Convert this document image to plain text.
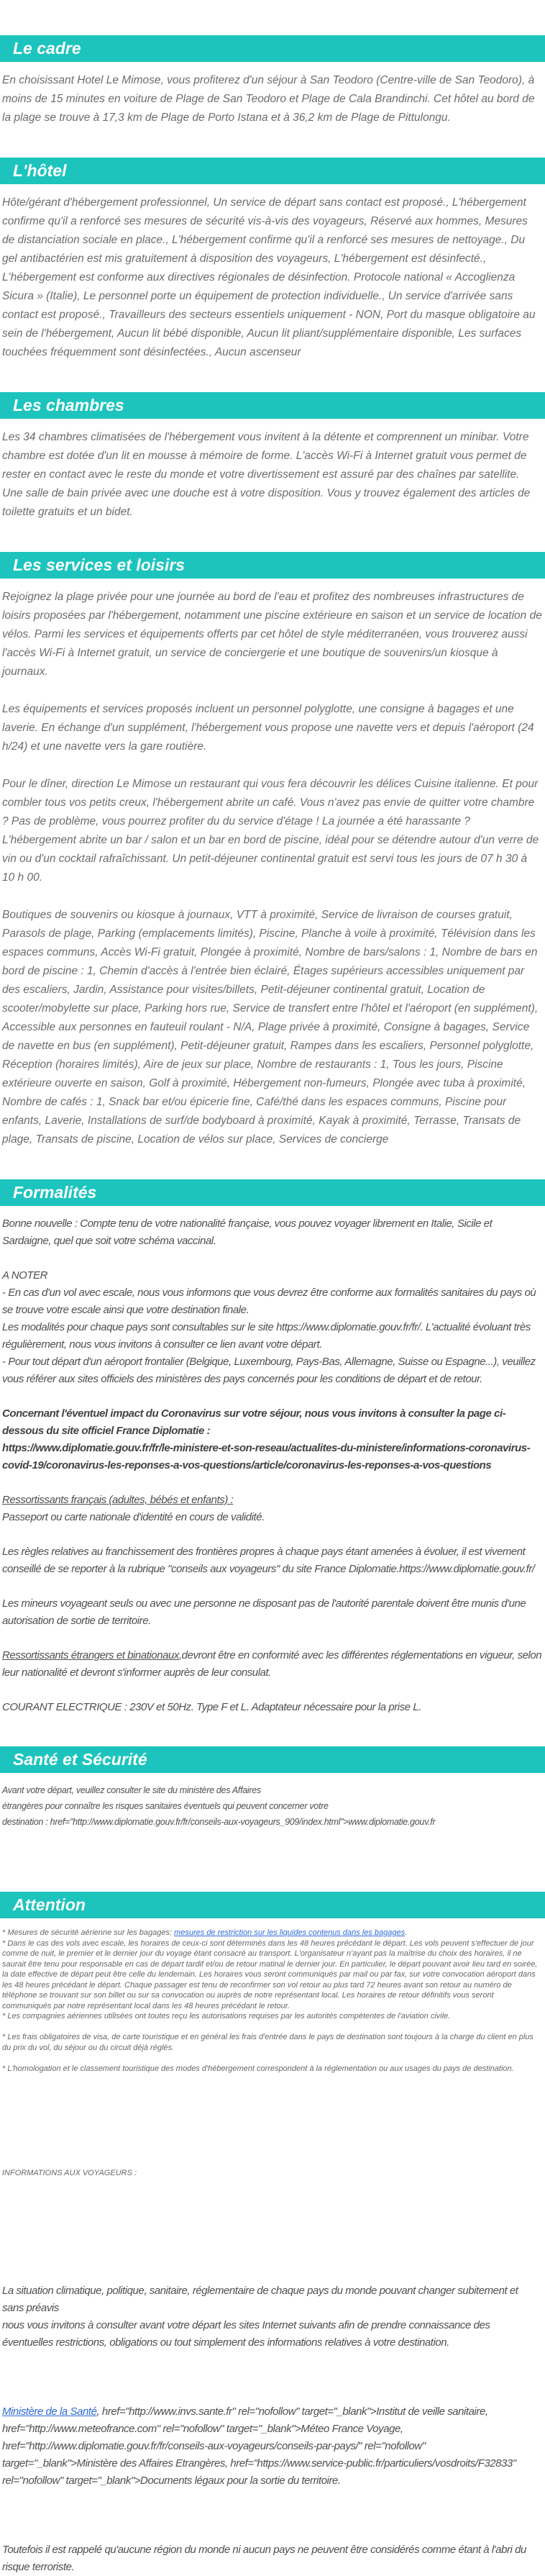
Le cadre

En choisissant Hotel Le Mimose, vous profiterez d'un séjour à San Teodoro (Centre-ville de San Teodoro), à moins de 15 minutes en voiture de Plage de San Teodoro et Plage de Cala Brandinchi. Cet hôtel au bord de la plage se trouve à 17,3 km de Plage de Porto Istana et à 36,2 km de Plage de Pittulongu.

L'hôtel

Hôte/gérant d'hébergement professionnel, Un service de départ sans contact est proposé., L'hébergement confirme qu'il a renforcé ses mesures de sécurité vis-à-vis des voyageurs, Réservé aux hommes, Mesures de distanciation sociale en place., L'hébergement confirme qu'il a renforcé ses mesures de nettoyage., Du gel antibactérien est mis gratuitement à disposition des voyageurs, L'hébergement est désinfecté., L'hébergement est conforme aux directives régionales de désinfection. Protocole national « Accoglienza Sicura » (Italie), Le personnel porte un équipement de protection individuelle., Un service d'arrivée sans contact est proposé., Travailleurs des secteurs essentiels uniquement - NON, Port du masque obligatoire au sein de l'hébergement, Aucun lit bébé disponible, Aucun lit pliant/supplémentaire disponible, Les surfaces touchées fréquemment sont désinfectées., Aucun ascenseur

Les chambres

Les 34 chambres climatisées de l'hébergement vous invitent à la détente et comprennent un minibar. Votre chambre est dotée d'un lit en mousse à mémoire de forme. L'accès Wi-Fi à Internet gratuit vous permet de rester en contact avec le reste du monde et votre divertissement est assuré par des chaînes par satellite. Une salle de bain privée avec une douche est à votre disposition. Vous y trouvez également des articles de toilette gratuits et un bidet.

Les services et loisirs

Rejoignez la plage privée pour une journée au bord de l'eau et profitez des nombreuses infrastructures de loisirs proposées par l'hébergement, notamment une piscine extérieure en saison et un service de location de vélos. Parmi les services et équipements offerts par cet hôtel de style méditerranéen, vous trouverez aussi l'accès Wi-Fi à Internet gratuit, un service de conciergerie et une boutique de souvenirs/un kiosque à journaux.

Les équipements et services proposés incluent un personnel polyglotte, une consigne à bagages et une laverie. En échange d'un supplément, l'hébergement vous propose une navette vers et depuis l'aéroport (24 h/24) et une navette vers la gare routière.

Pour le dîner, direction Le Mimose un restaurant qui vous fera découvrir les délices Cuisine italienne. Et pour combler tous vos petits creux, l'hébergement abrite un café. Vous n'avez pas envie de quitter votre chambre ? Pas de problème, vous pourrez profiter du du service d'étage ! La journée a été harassante ? L'hébergement abrite un bar / salon et un bar en bord de piscine, idéal pour se détendre autour d'un verre de vin ou d'un cocktail rafraîchissant. Un petit-déjeuner continental gratuit est servi tous les jours de 07 h 30 à 10 h 00.

Boutiques de souvenirs ou kiosque à journaux, VTT à proximité, Service de livraison de courses gratuit, Parasols de plage, Parking (emplacements limités), Piscine, Planche à voile à proximité, Télévision dans les espaces communs, Accès Wi-Fi gratuit, Plongée à proximité, Nombre de bars/salons : 1, Nombre de bars en bord de piscine : 1, Chemin d'accès à l'entrée bien éclairé, Étages supérieurs accessibles uniquement par des escaliers, Jardin, Assistance pour visites/billets, Petit-déjeuner continental gratuit, Location de scooter/mobylette sur place, Parking hors rue, Service de transfert entre l'hôtel et l'aéroport (en supplément), Accessible aux personnes en fauteuil roulant - N/A, Plage privée à proximité, Consigne à bagages, Service de navette en bus (en supplément), Petit-déjeuner gratuit, Rampes dans les escaliers, Personnel polyglotte, Réception (horaires limités), Aire de jeux sur place, Nombre de restaurants : 1, Tous les jours, Piscine extérieure ouverte en saison, Golf à proximité, Hébergement non-fumeurs, Plongée avec tuba à proximité, Nombre de cafés : 1, Snack bar et/ou épicerie fine, Café/thé dans les espaces communs, Piscine pour enfants, Laverie, Installations de surf/de bodyboard à proximité, Kayak à proximité, Terrasse, Transats de plage, Transats de piscine, Location de vélos sur place, Services de concierge

Formalités

Bonne nouvelle : Compte tenu de votre nationalité française, vous pouvez voyager librement en Italie, Sicile et Sardaigne, quel que soit votre schéma vaccinal.

A NOTER

- En cas d'un vol avec escale, nous vous informons que vous devrez être conforme aux formalités sanitaires du pays où se trouve votre escale ainsi que votre destination finale.

Les modalités pour chaque pays sont consultables sur le site https://www.diplomatie.gouv.fr/fr/. L'actualité évoluant très régulièrement, nous vous invitons à consulter ce lien avant votre départ.

- Pour tout départ d'un aéroport frontalier (Belgique, Luxembourg, Pays-Bas, Allemagne, Suisse ou Espagne...), veuillez vous référer aux sites officiels des ministères des pays concernés pour les conditions de départ et de retour.

Concernant l'éventuel impact du Coronavirus sur votre séjour, nous vous invitons à consulter la page ci-dessous du site officiel France Diplomatie :
https://www.diplomatie.gouv.fr/fr/le-ministere-et-son-reseau/actualites-du-ministere/informations-coronavirus-covid-19/coronavirus-les-reponses-a-vos-questions/article/coronavirus-les-reponses-a-vos-questions

Ressortissants français (adultes, bébés et enfants) :
Passeport ou carte nationale d'identité en cours de validité.

Les règles relatives au franchissement des frontières propres à chaque pays étant amenées à évoluer, il est vivement conseillé de se reporter à la rubrique "conseils aux voyageurs" du site France Diplomatie.https://www.diplomatie.gouv.fr/

Les mineurs voyageant seuls ou avec une personne ne disposant pas de l'autorité parentale doivent être munis d'une autorisation de sortie de territoire.

Ressortissants étrangers et binationaux,devront être en conformité avec les différentes réglementations en vigueur, selon leur nationalité et devront s'informer auprès de leur consulat.

COURANT ELECTRIQUE : 230V et 50Hz. Type F et L. Adaptateur nécessaire pour la prise L.

Santé et Sécurité

Avant votre départ, veuillez consulter le site du ministère des Affaires
étrangères pour connaître les risques sanitaires éventuels qui peuvent concerner votre
destination : href="http://www.diplomatie.gouv.fr/fr/conseils-aux-voyageurs_909/index.html">www.diplomatie.gouv.fr

Attention

* Mesures de sécurité aérienne sur les bagages: mesures de restriction sur les liquides contenus dans les bagages.

* Dans le cas des vols avec escale, les horaires de ceux-ci sont déterminés dans les 48 heures précédant le départ. Les vols peuvent s'effectuer de jour comme de nuit, le premier et le dernier jour du voyage étant consacré au transport. L'organisateur n'ayant pas la maîtrise du choix des horaires, il ne saurait être tenu pour responsable en cas de départ tardif et/ou de retour matinal le dernier jour. En particulier, le départ pouvant avoir lieu tard en soirée, la date effective de départ peut être celle du lendemain. Les horaires vous seront communiqués par mail ou par fax, sur votre convocation aéroport dans les 48 heures précédant le départ. Chaque passager est tenu de reconfirmer son vol retour au plus tard 72 heures avant son retour au numéro de téléphone se trouvant sur son billet ou sur sa convocation ou auprès de notre représentant local. Les horaires de retour définitifs vous seront communiqués par notre représentant local dans les 48 heures précédant le retour.

* Les compagnies aériennes utilisées ont toutes reçu les autorisations requises par les autorités compétentes de l'aviation civile.

* Les frais obligatoires de visa, de carte touristique et en général les frais d'entrée dans le pays de destination sont toujours à la charge du client en plus du prix du vol, du séjour ou du circuit déjà réglés.

* L'homologation et le classement touristique des modes d'hébergement correspondent à la réglementation ou aux usages du pays de destination.

INFORMATIONS AUX VOYAGEURS :

La situation climatique, politique, sanitaire, réglementaire de chaque pays du monde pouvant changer subitement et sans préavis
nous vous invitons à consulter avant votre départ les sites Internet suivants afin de prendre connaissance des éventuelles restrictions, obligations ou tout simplement des informations relatives à votre destination.

Ministère de la Santé, href="http://www.invs.sante.fr" rel="nofollow" target="_blank">Institut de veille sanitaire, href="http://www.meteofrance.com" rel="nofollow" target="_blank">Méteo France Voyage, href="http://www.diplomatie.gouv.fr/fr/conseils-aux-voyageurs/conseils-par-pays/" rel="nofollow" target="_blank">Ministère des Affaires Etrangères, href="https://www.service-public.fr/particuliers/vosdroits/F32833" rel="nofollow" target="_blank">Documents légaux pour la sortie du territoire.

Toutefois il est rappelé qu'aucune région du monde ni aucun pays ne peuvent être considérés comme étant à l'abri du risque terroriste.
